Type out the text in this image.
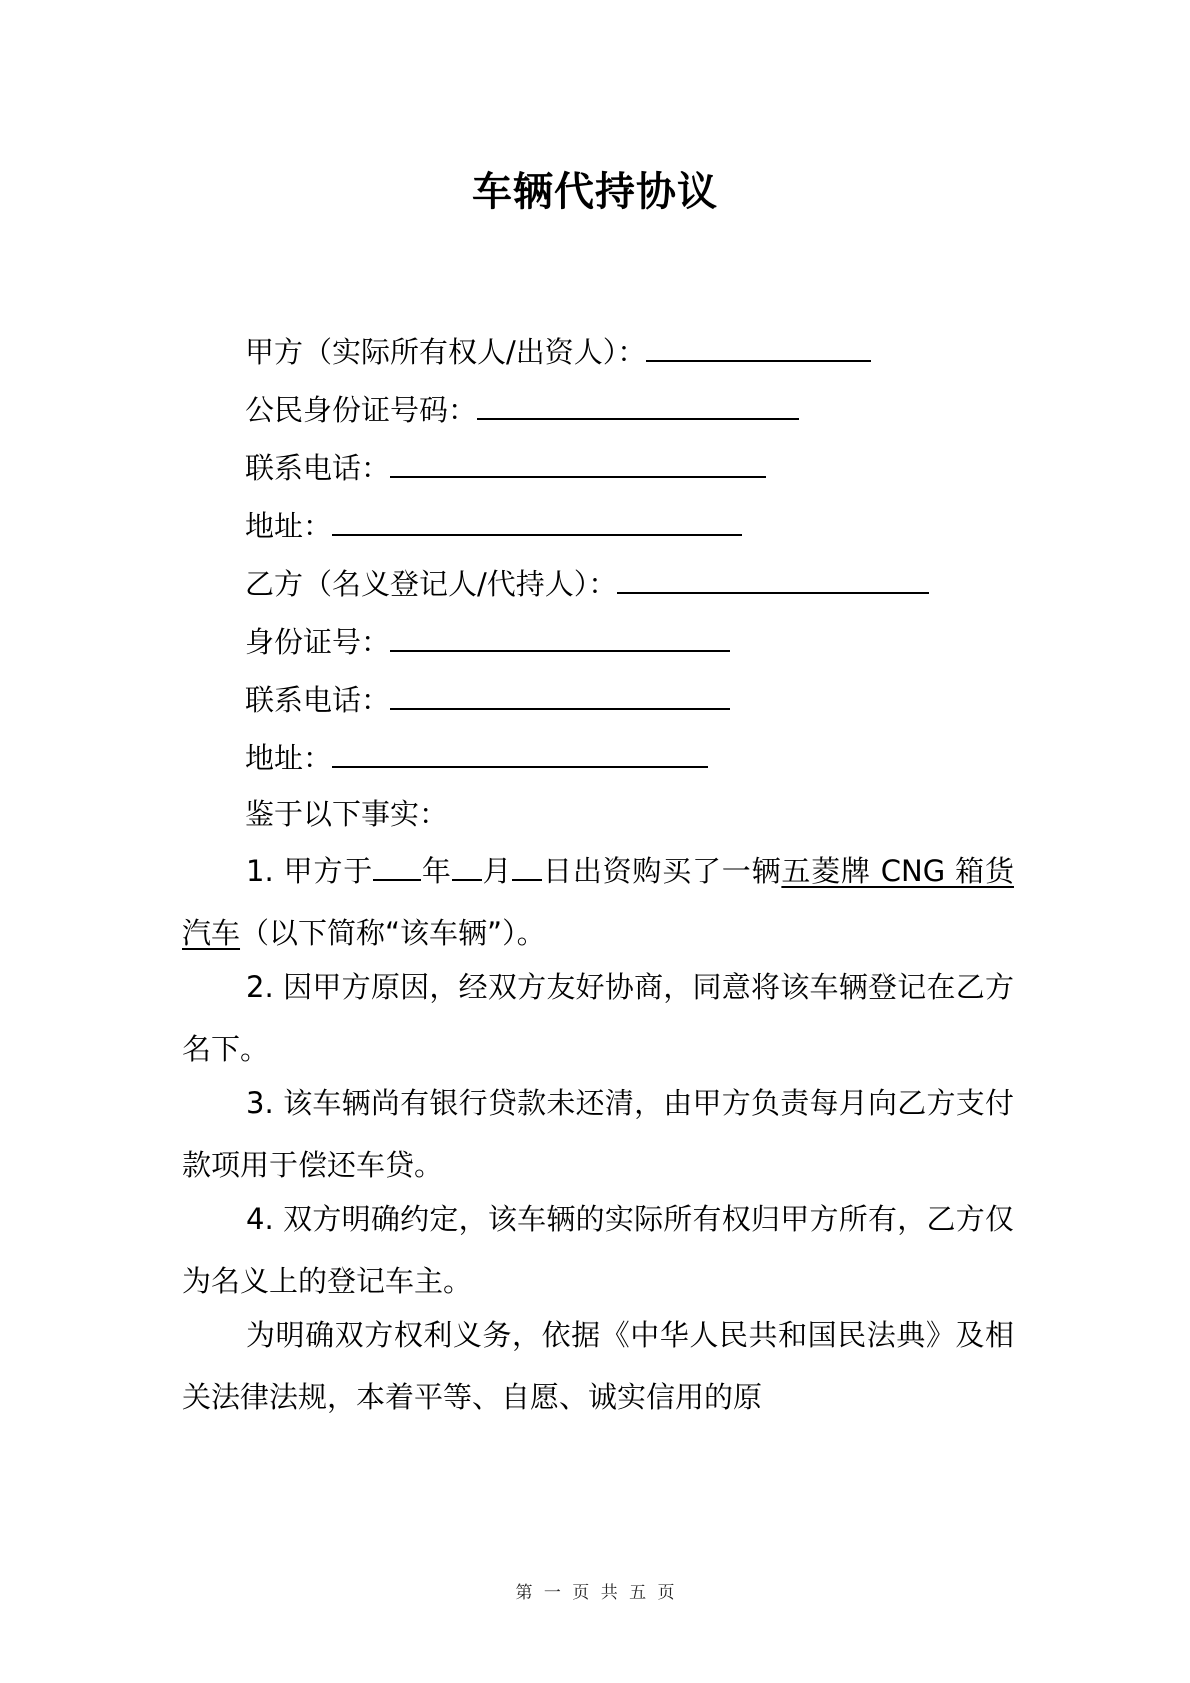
车辆代持协议
甲方（实际所有权人/出资人）：
公民身份证号码：
联系电话：
地址：
乙方（名义登记人/代持人）：
身份证号：
联系电话：
地址：
鉴于以下事实：
1. 甲方于 年 月 日出资购买了一辆五菱牌 CNG 箱货汽车（以下简称“该车辆”）。
2. 因甲方原因，经双方友好协商，同意将该车辆登记在乙方名下。
3. 该车辆尚有银行贷款未还清，由甲方负责每月向乙方支付款项用于偿还车贷。
4. 双方明确约定，该车辆的实际所有权归甲方所有，乙方仅为名义上的登记车主。
为明确双方权利义务，依据《中华人民共和国民法典》及相关法律法规，本着平等、自愿、诚实信用的原
第 一 页 共 五 页
